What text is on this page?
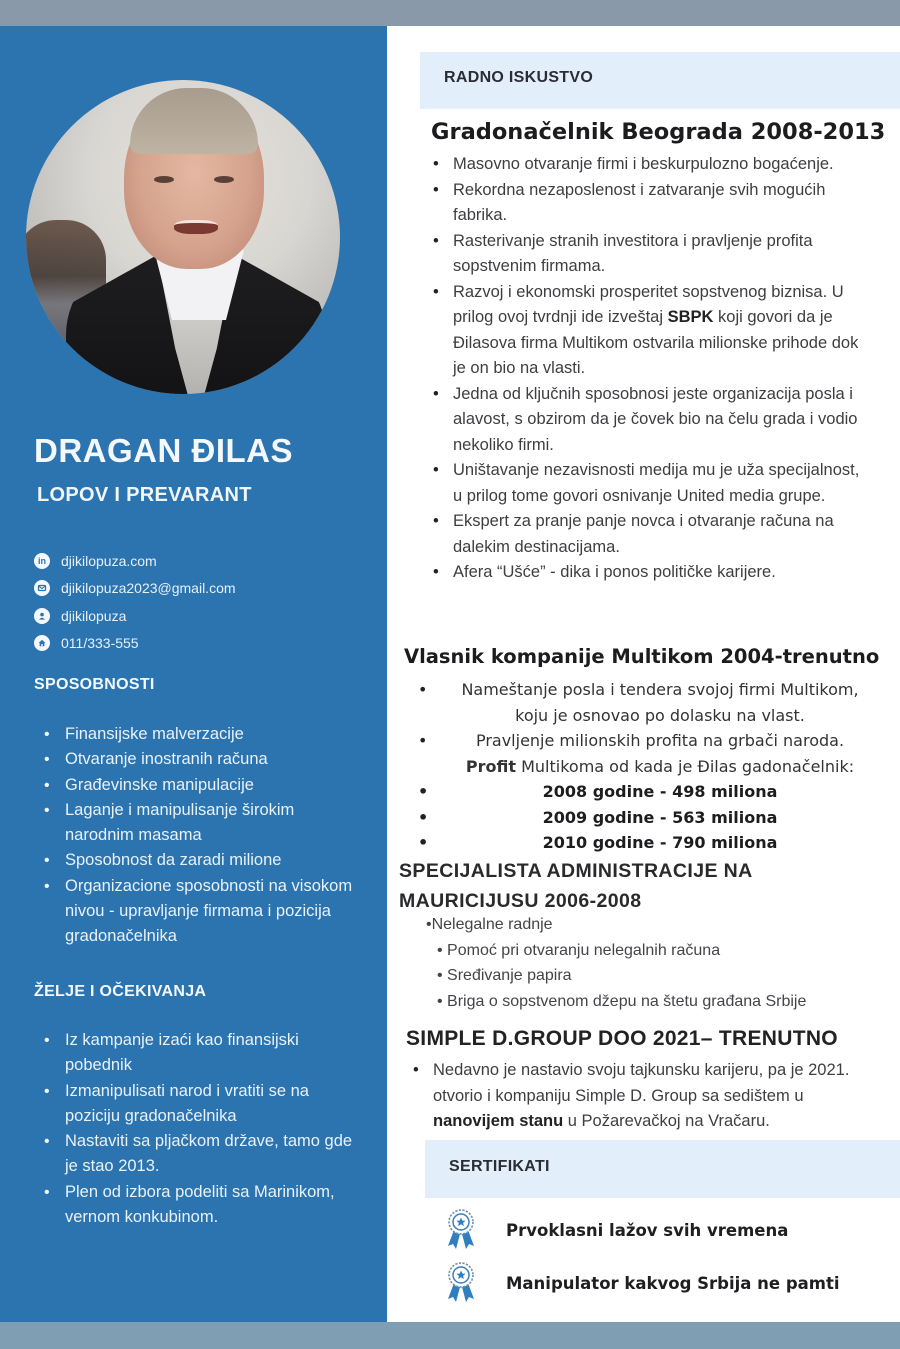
DRAGAN ĐILAS
LOPOV I PREVARANT
in djikilopuza.com
djikilopuza2023@gmail.com
djikilopuza
011/333-555
SPOSOBNOSTI
• Finansijske malverzacije
• Otvaranje inostranih računa
• Građevinske manipulacije
• Laganje i manipulisanje širokim narodnim masama
• Sposobnost da zaradi milione
• Organizacione sposobnosti na visokom nivou - upravljanje firmama i pozicija gradonačelnika
ŽELJE I OČEKIVANJA
• Iz kampanje izaći kao finansijski pobednik
• Izmanipulisati narod i vratiti se na poziciju gradonačelnika
• Nastaviti sa pljačkom države, tamo gde je stao 2013.
• Plen od izbora podeliti sa Marinikom, vernom konkubinom.
RADNO ISKUSTVO
Gradonačelnik Beograda 2008-2013
• Masovno otvaranje firmi i beskurpulozno bogaćenje.
• Rekordna nezaposlenost i zatvaranje svih mogućih fabrika.
• Rasterivanje stranih investitora i pravljenje profita sopstvenim firmama.
• Razvoj i ekonomski prosperitet sopstvenog biznisa. U prilog ovoj tvrdnji ide izveštaj SBPK koji govori da je Đilasova firma Multikom ostvarila milionske prihode dok je on bio na vlasti.
• Jedna od ključnih sposobnosi jeste organizacija posla i alavost, s obzirom da je čovek bio na čelu grada i vodio nekoliko firmi.
• Uništavanje nezavisnosti medija mu je uža specijalnost, u prilog tome govori osnivanje United media grupe.
• Ekspert za pranje panje novca i otvaranje računa na dalekim destinacijama.
• Afera “Ušće” - dika i ponos političke karijere.
Vlasnik kompanije Multikom 2004-trenutno
• Nameštanje posla i tendera svojoj firmi Multikom,
koju je osnovao po dolasku na vlast.
• Pravljenje milionskih profita na grbači naroda.
Profit Multikoma od kada je Đilas gadonačelnik:
• 2008 godine - 498 miliona
• 2009 godine - 563 miliona
• 2010 godine - 790 miliona
SPECIJALISTA ADMINISTRACIJE NA
MAURICIJUSU 2006-2008
•Nelegalne radnje
• Pomoć pri otvaranju nelegalnih računa
• Sređivanje papira
• Briga o sopstvenom džepu na štetu građana Srbije
SIMPLE D.GROUP DOO 2021– TRENUTNO
• Nedavno je nastavio svoju tajkunsku karijeru, pa je 2021. otvorio i kompaniju Simple D. Group sa sedištem u nanovijem stanu u Požarevačkoj na Vračaru.
SERTIFIKATI
Prvoklasni lažov svih vremena
Manipulator kakvog Srbija ne pamti
